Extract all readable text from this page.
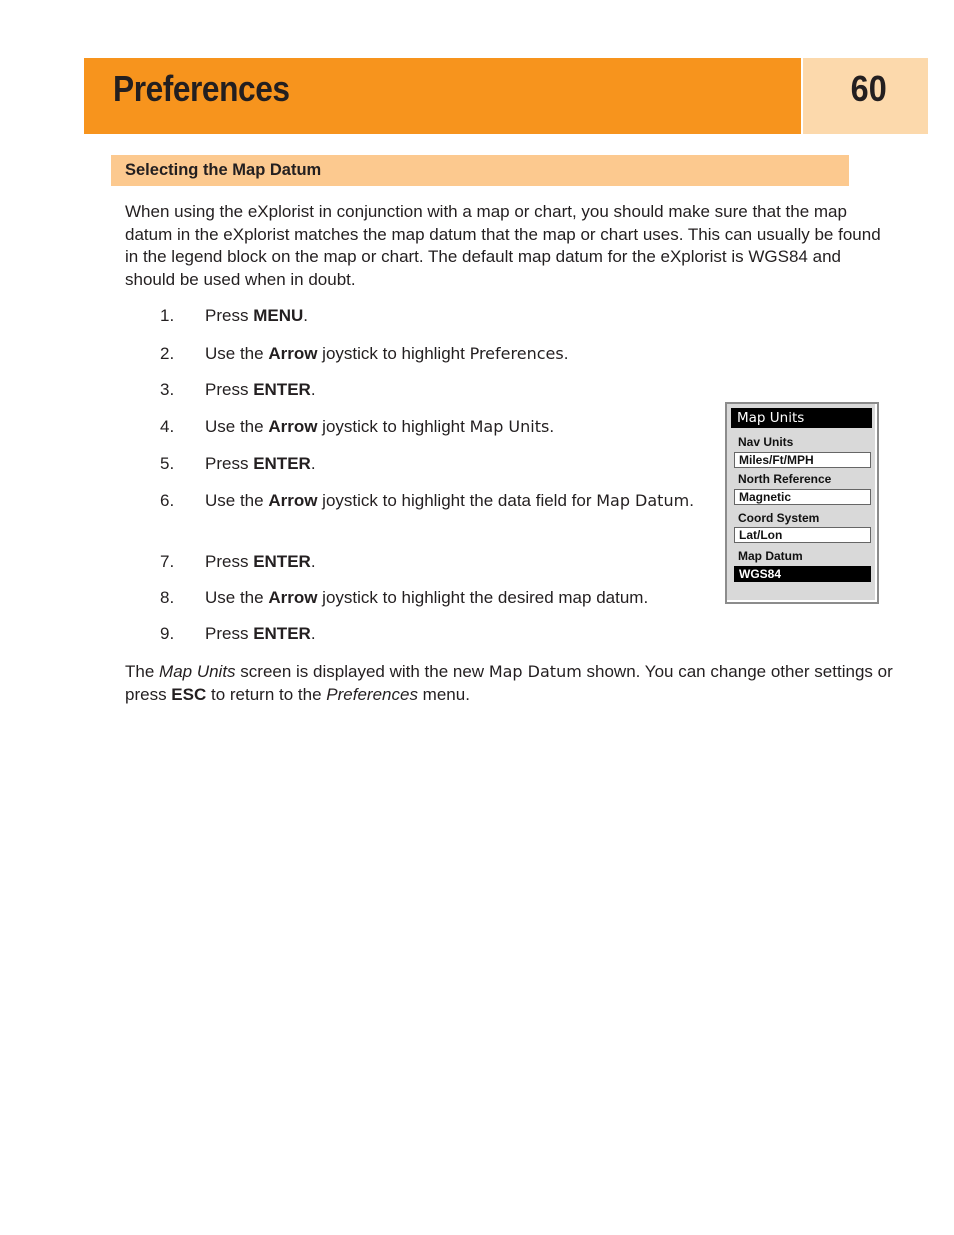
Preferences	60
Selecting the Map Datum
When using the eXplorist in conjunction with a map or chart, you should make sure that the map datum in the eXplorist matches the map datum that the map or chart uses. This can usually be found in the legend block on the map or chart. The default map datum for the eXplorist is WGS84 and should be used when in doubt.
1. Press MENU.
2. Use the Arrow joystick to highlight Preferences.
3. Press ENTER.
4. Use the Arrow joystick to highlight Map Units.
5. Press ENTER.
6. Use the Arrow joystick to highlight the data field for Map Datum.
7. Press ENTER.
8. Use the Arrow joystick to highlight the desired map datum.
9. Press ENTER.
The Map Units screen is displayed with the new Map Datum shown. You can change other settings or press ESC to return to the Preferences menu.
Map Units
Nav Units
Miles/Ft/MPH
North Reference
Magnetic
Coord System
Lat/Lon
Map Datum
WGS84
